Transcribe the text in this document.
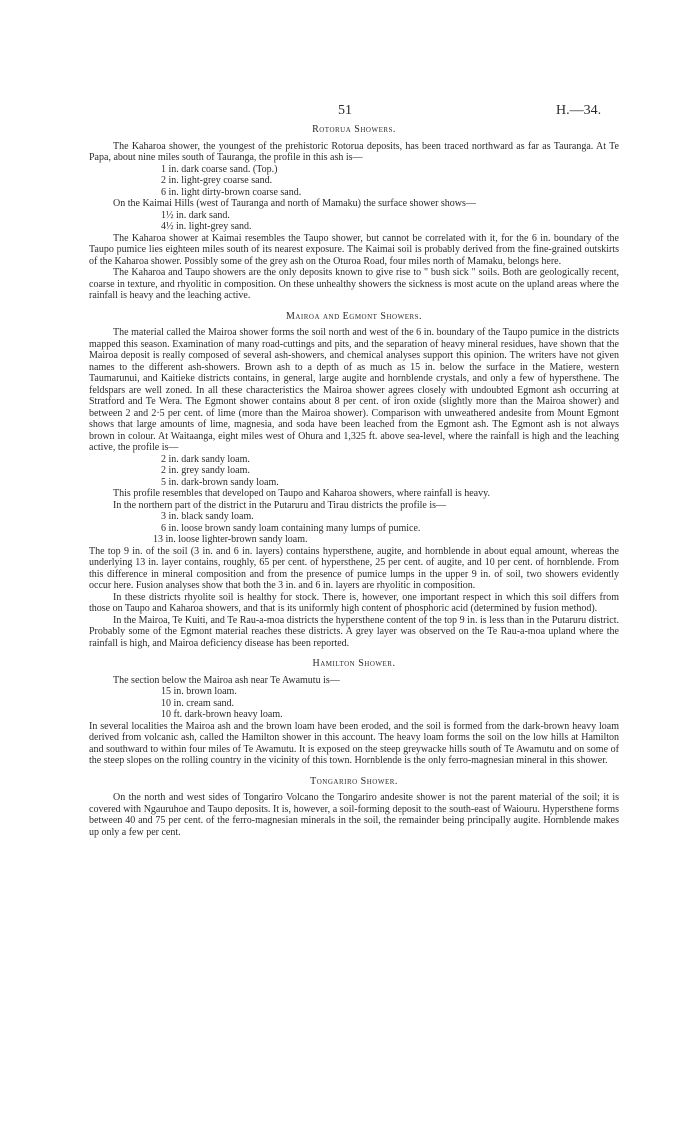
51	H.—34.

Rotorua Showers.

The Kaharoa shower, the youngest of the prehistoric Rotorua deposits, has been traced northward as far as Tauranga. At Te Papa, about nine miles south of Tauranga, the profile in this ash is—

1 in. dark coarse sand. (Top.)

2 in. light-grey coarse sand.

6 in. light dirty-brown coarse sand.

On the Kaimai Hills (west of Tauranga and north of Mamaku) the surface shower shows—

1½ in. dark sand.

4½ in. light-grey sand.

The Kaharoa shower at Kaimai resembles the Taupo shower, but cannot be correlated with it, for the 6 in. boundary of the Taupo pumice lies eighteen miles south of its nearest exposure. The Kaimai soil is probably derived from the fine-grained outskirts of the Kaharoa shower. Possibly some of the grey ash on the Oturoa Road, four miles north of Mamaku, belongs here.

The Kaharoa and Taupo showers are the only deposits known to give rise to " bush sick " soils. Both are geologically recent, coarse in texture, and rhyolitic in composition. On these unhealthy showers the sickness is most acute on the upland areas where the rainfall is heavy and the leaching active.

Mairoa and Egmont Showers.

The material called the Mairoa shower forms the soil north and west of the 6 in. boundary of the Taupo pumice in the districts mapped this season. Examination of many road-cuttings and pits, and the separation of heavy mineral residues, have shown that the Mairoa deposit is really composed of several ash-showers, and chemical analyses support this opinion. The writers have not given names to the different ash-showers. Brown ash to a depth of as much as 15 in. below the surface in the Matiere, western Taumarunui, and Kaitieke districts contains, in general, large augite and hornblende crystals, and only a few of hypersthene. The feldspars are well zoned. In all these characteristics the Mairoa shower agrees closely with undoubted Egmont ash occurring at Stratford and Te Wera. The Egmont shower contains about 8 per cent. of iron oxide (slightly more than the Mairoa shower) and between 2 and 2·5 per cent. of lime (more than the Mairoa shower). Comparison with unweathered andesite from Mount Egmont shows that large amounts of lime, magnesia, and soda have been leached from the Egmont ash. The Egmont ash is not always brown in colour. At Waitaanga, eight miles west of Ohura and 1,325 ft. above sea-level, where the rainfall is high and the leaching active, the profile is—

2 in. dark sandy loam.

2 in. grey sandy loam.

5 in. dark-brown sandy loam.

This profile resembles that developed on Taupo and Kaharoa showers, where rainfall is heavy.

In the northern part of the district in the Putaruru and Tirau districts the profile is—

3 in. black sandy loam.

6 in. loose brown sandy loam containing many lumps of pumice.

13 in. loose lighter-brown sandy loam.

The top 9 in. of the soil (3 in. and 6 in. layers) contains hypersthene, augite, and hornblende in about equal amount, whereas the underlying 13 in. layer contains, roughly, 65 per cent. of hypersthene, 25 per cent. of augite, and 10 per cent. of hornblende. From this difference in mineral composition and from the presence of pumice lumps in the upper 9 in. of soil, two showers evidently occur here. Fusion analyses show that both the 3 in. and 6 in. layers are rhyolitic in composition.

In these districts rhyolite soil is healthy for stock. There is, however, one important respect in which this soil differs from those on Taupo and Kaharoa showers, and that is its uniformly high content of phosphoric acid (determined by fusion method).

In the Mairoa, Te Kuiti, and Te Rau-a-moa districts the hypersthene content of the top 9 in. is less than in the Putaruru district. Probably some of the Egmont material reaches these districts. A grey layer was observed on the Te Rau-a-moa upland where the rainfall is high, and Mairoa deficiency disease has been reported.

Hamilton Shower.

The section below the Mairoa ash near Te Awamutu is—

15 in. brown loam.

10 in. cream sand.

10 ft. dark-brown heavy loam.

In several localities the Mairoa ash and the brown loam have been eroded, and the soil is formed from the dark-brown heavy loam derived from volcanic ash, called the Hamilton shower in this account. The heavy loam forms the soil on the low hills at Hamilton and southward to within four miles of Te Awamutu. It is exposed on the steep greywacke hills south of Te Awamutu and on some of the steep slopes on the rolling country in the vicinity of this town. Hornblende is the only ferro-magnesian mineral in this shower.

Tongariro Shower.

On the north and west sides of Tongariro Volcano the Tongariro andesite shower is not the parent material of the soil; it is covered with Ngauruhoe and Taupo deposits. It is, however, a soil-forming deposit to the south-east of Waiouru. Hypersthene forms between 40 and 75 per cent. of the ferro-magnesian minerals in the soil, the remainder being principally augite. Hornblende makes up only a few per cent.
